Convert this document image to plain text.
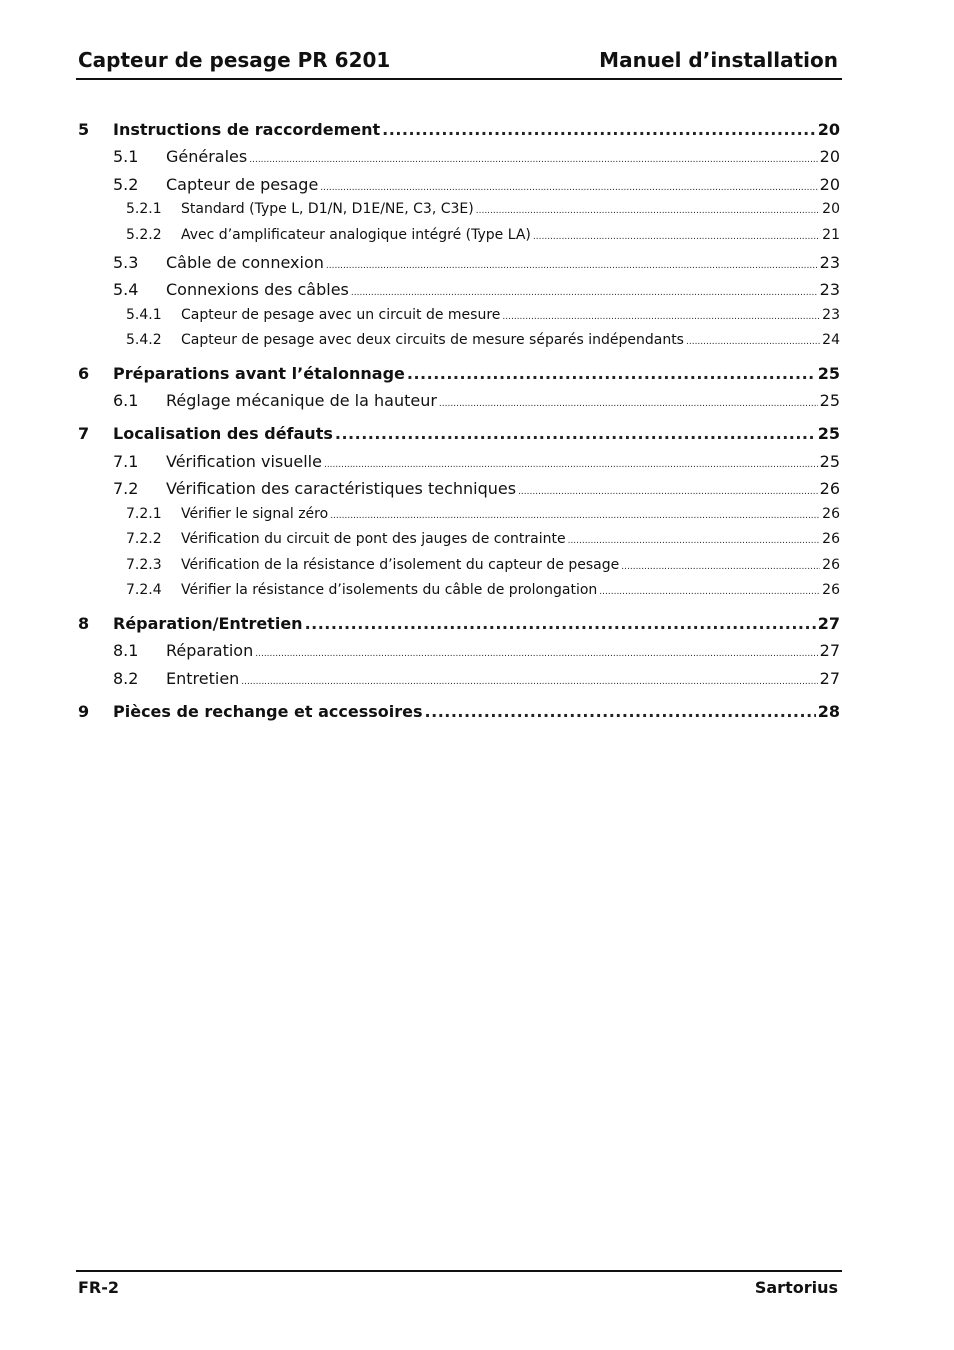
Capteur de pesage PR 6201	Manuel d’installation
5	Instructions de raccordement .....	20
5.1	Générales .....	20
5.2	Capteur de pesage .....	20
5.2.1	Standard (Type L, D1/N, D1E/NE, C3, C3E) .....	20
5.2.2	Avec d’amplificateur analogique intégré (Type LA) .....	21
5.3	Câble de connexion .....	23
5.4	Connexions des câbles .....	23
5.4.1	Capteur de pesage avec un circuit de mesure .....	23
5.4.2	Capteur de pesage avec deux circuits de mesure séparés indépendants .....	24
6	Préparations avant l’étalonnage .....	25
6.1	Réglage mécanique de la hauteur .....	25
7	Localisation des défauts .....	25
7.1	Vérification visuelle .....	25
7.2	Vérification des caractéristiques techniques .....	26
7.2.1	Vérifier le signal zéro .....	26
7.2.2	Vérification du circuit de pont des jauges de contrainte .....	26
7.2.3	Vérification de la résistance d’isolement du capteur de pesage .....	26
7.2.4	Vérifier la résistance d’isolements du câble de prolongation .....	26
8	Réparation/Entretien .....	27
8.1	Réparation .....	27
8.2	Entretien .....	27
9	Pièces de rechange et accessoires .....	28
FR-2	Sartorius
